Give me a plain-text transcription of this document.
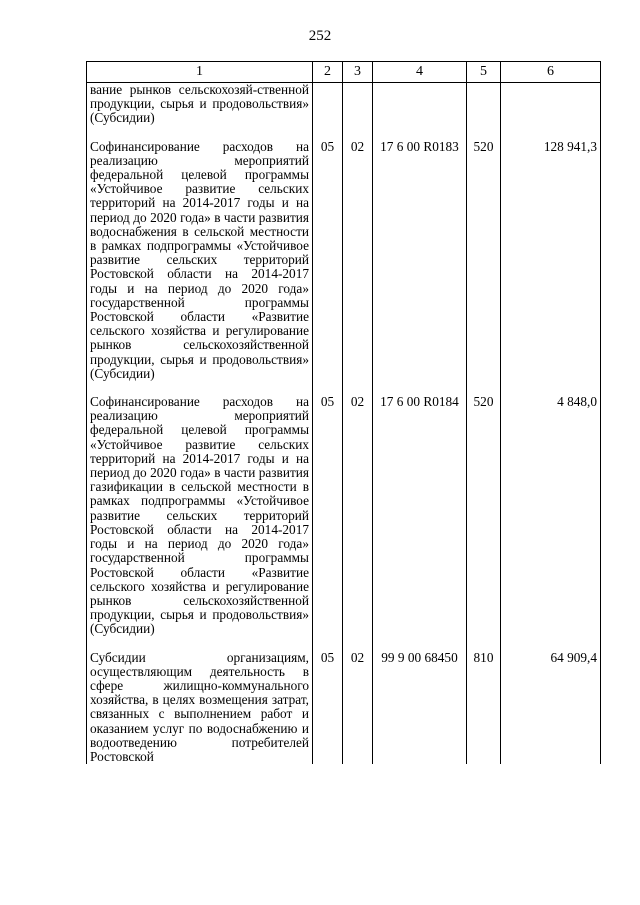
252
1	2	3	4	5	6
вание рынков сельскохозяй-ственной продукции, сырья и продовольствия» (Субсидии)					

Софинансирование расходов на реализацию мероприятий федеральной целевой программы «Устойчивое развитие сельских территорий на 2014-2017 годы и на период до 2020 года» в части развития водоснабжения в сельской местности в рамках подпрограммы «Устойчивое развитие сельских территорий Ростовской области на 2014-2017 годы и на период до 2020 года» государственной программы Ростовской области «Развитие сельского хозяйства и регулирование рынков сельскохозяйственной продукции, сырья и продовольствия» (Субсидии)	05	02	17 6 00 R0183	520	128 941,3

Софинансирование расходов на реализацию мероприятий федеральной целевой программы «Устойчивое развитие сельских территорий на 2014-2017 годы и на период до 2020 года» в части развития газификации в сельской местности в рамках подпрограммы «Устойчивое развитие сельских территорий Ростовской области на 2014-2017 годы и на период до 2020 года» государственной программы Ростовской области «Развитие сельского хозяйства и регулирование рынков сельскохозяйственной продукции, сырья и продовольствия» (Субсидии)	05	02	17 6 00 R0184	520	4 848,0

Субсидии организациям, осуществляющим деятельность в сфере жилищно-коммунального хозяйства, в целях возмещения затрат, связанных с выполнением работ и оказанием услуг по водоснабжению и водоотведению потребителей Ростовской	05	02	99 9 00 68450	810	64 909,4
